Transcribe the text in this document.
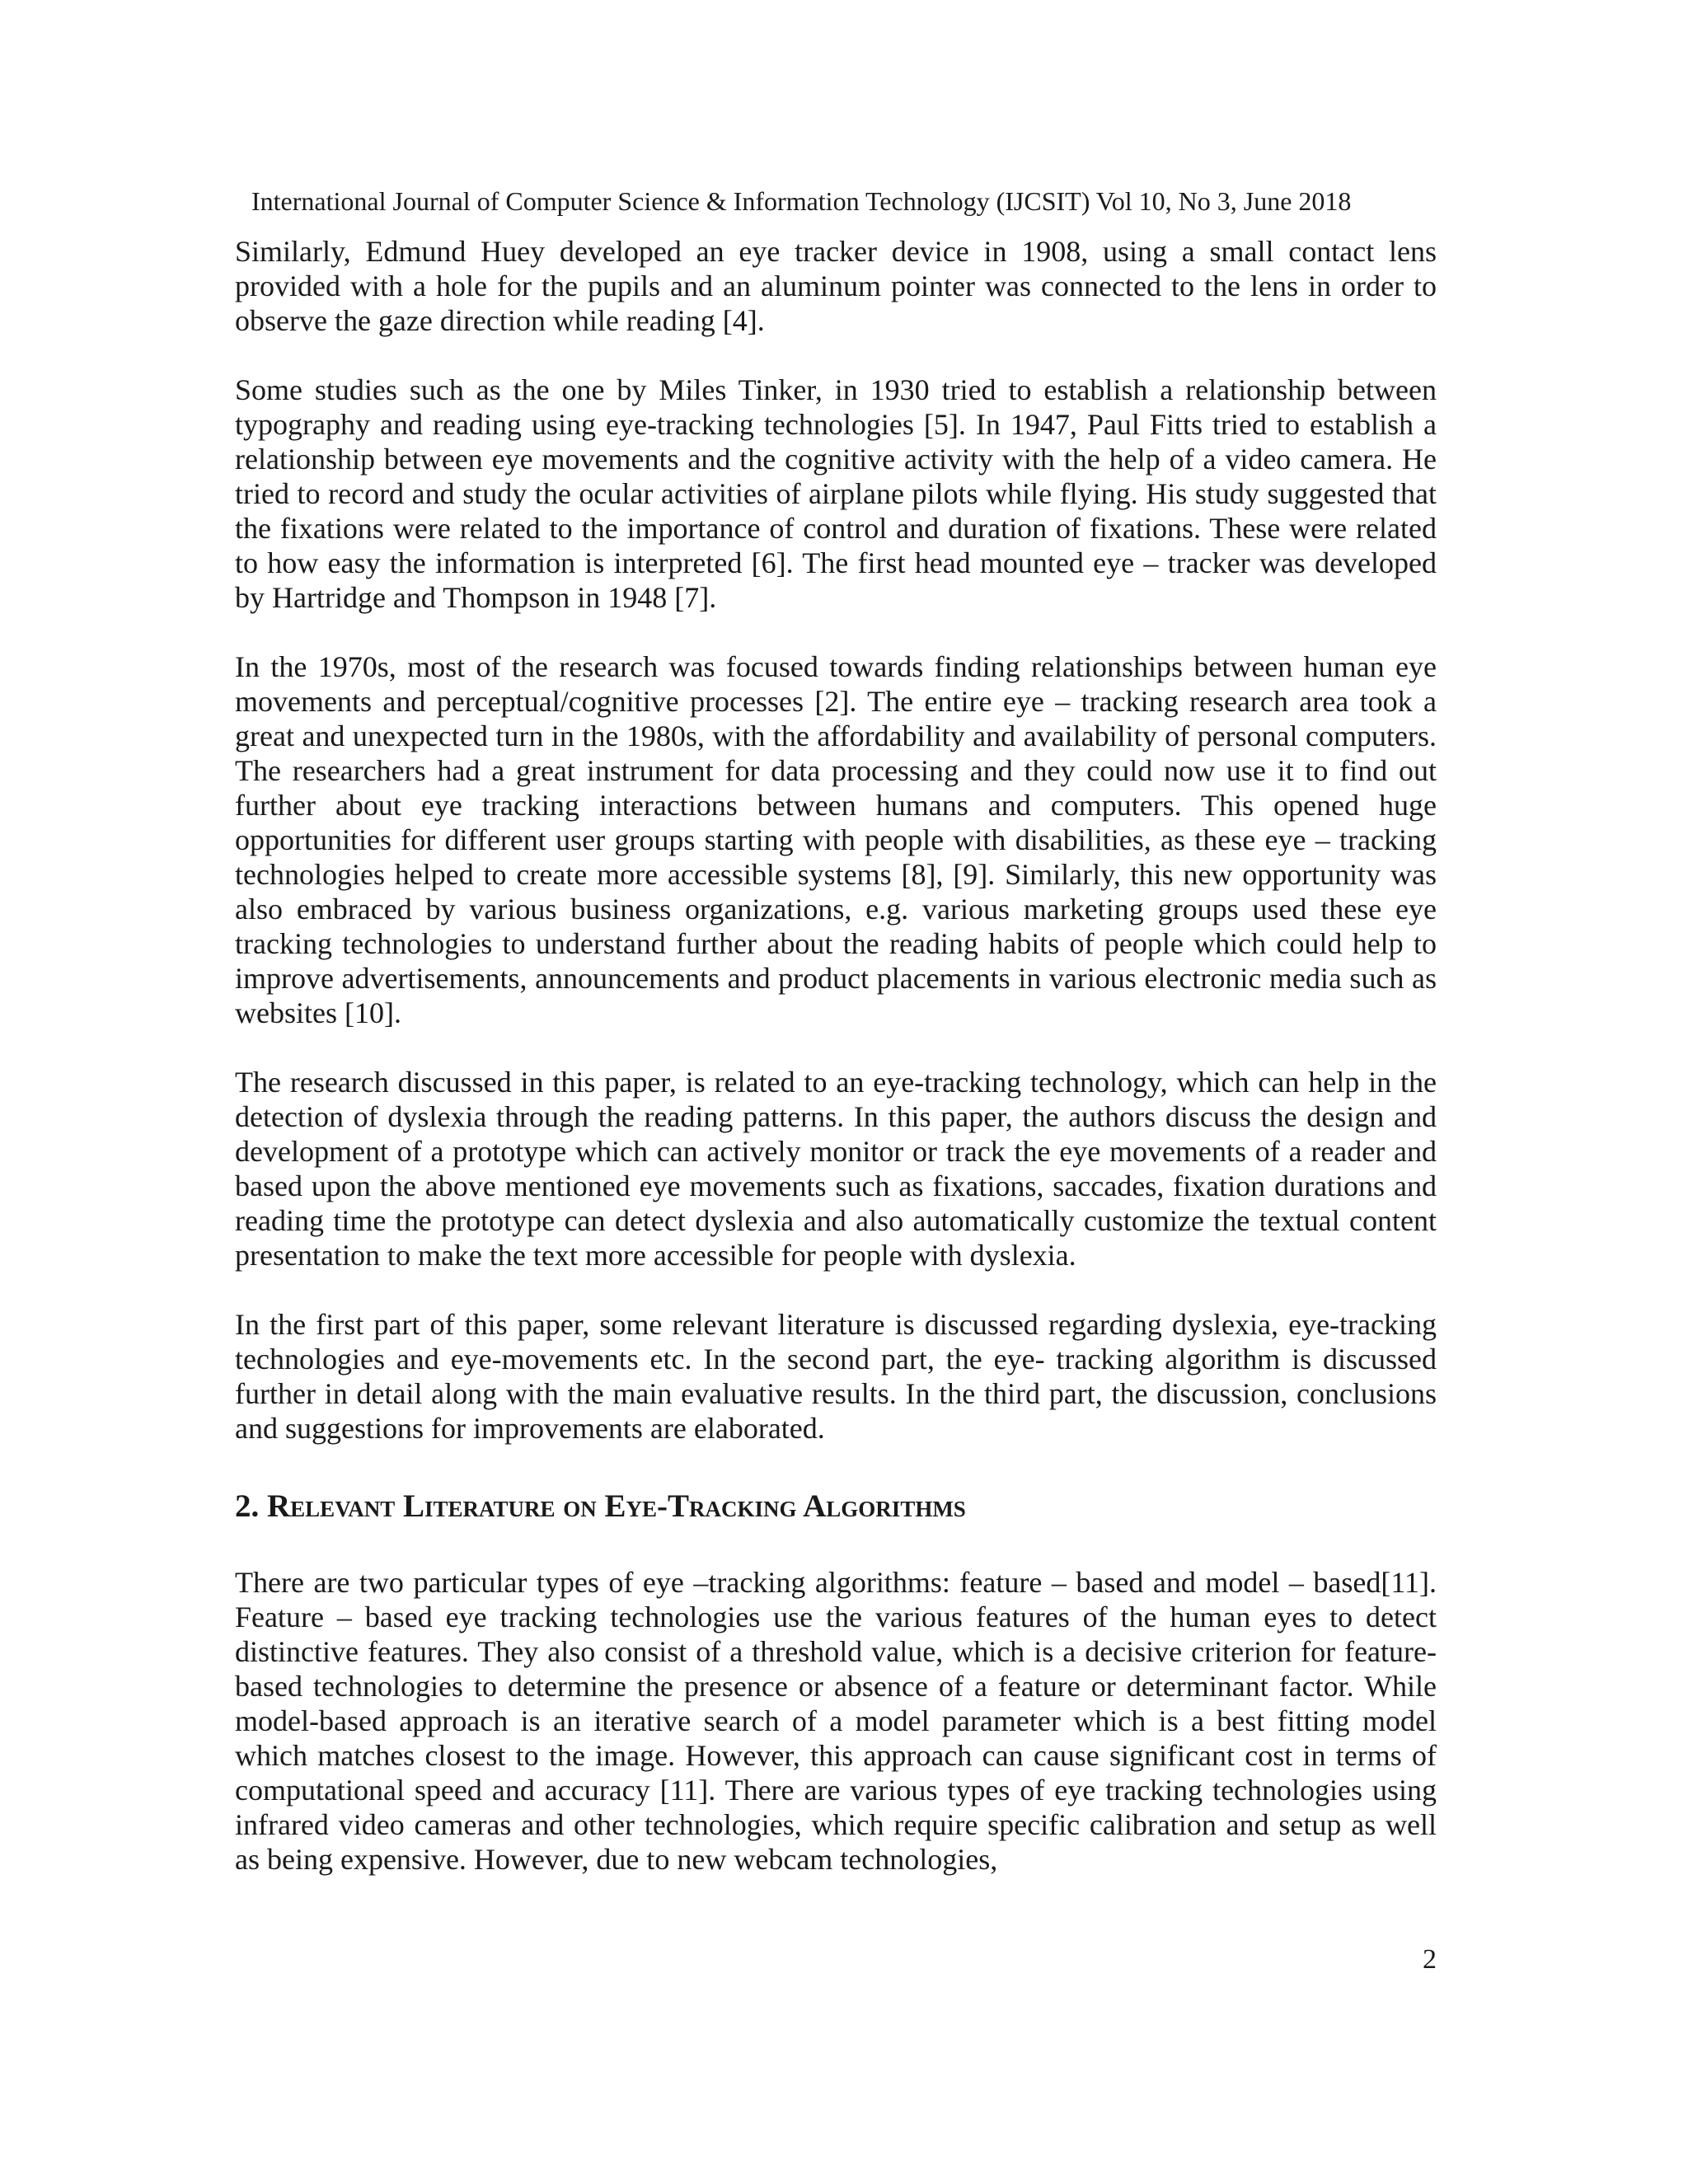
International Journal of Computer Science & Information Technology (IJCSIT) Vol 10, No 3, June 2018

Similarly, Edmund Huey developed an eye tracker device in 1908, using a small contact lens provided with a hole for the pupils and an aluminum pointer was connected to the lens in order to observe the gaze direction while reading [4].

Some studies such as the one by Miles Tinker, in 1930 tried to establish a relationship between typography and reading using eye-tracking technologies [5]. In 1947, Paul Fitts tried to establish a relationship between eye movements and the cognitive activity with the help of a video camera. He tried to record and study the ocular activities of airplane pilots while flying. His study suggested that the fixations were related to the importance of control and duration of fixations. These were related to how easy the information is interpreted [6]. The first head mounted eye – tracker was developed by Hartridge and Thompson in 1948 [7].

In the 1970s, most of the research was focused towards finding relationships between human eye movements and perceptual/cognitive processes [2]. The entire eye – tracking research area took a great and unexpected turn in the 1980s, with the affordability and availability of personal computers. The researchers had a great instrument for data processing and they could now use it to find out further about eye tracking interactions between humans and computers. This opened huge opportunities for different user groups starting with people with disabilities, as these eye – tracking technologies helped to create more accessible systems [8], [9]. Similarly, this new opportunity was also embraced by various business organizations, e.g. various marketing groups used these eye tracking technologies to understand further about the reading habits of people which could help to improve advertisements, announcements and product placements in various electronic media such as websites [10].

The research discussed in this paper, is related to an eye-tracking technology, which can help in the detection of dyslexia through the reading patterns. In this paper, the authors discuss the design and development of a prototype which can actively monitor or track the eye movements of a reader and based upon the above mentioned eye movements such as fixations, saccades, fixation durations and reading time the prototype can detect dyslexia and also automatically customize the textual content presentation to make the text more accessible for people with dyslexia.

In the first part of this paper, some relevant literature is discussed regarding dyslexia, eye-tracking technologies and eye-movements etc. In the second part, the eye- tracking algorithm is discussed further in detail along with the main evaluative results. In the third part, the discussion, conclusions and suggestions for improvements are elaborated.

2. Relevant Literature on Eye-Tracking Algorithms

There are two particular types of eye –tracking algorithms: feature – based and model – based[11]. Feature – based eye tracking technologies use the various features of the human eyes to detect distinctive features. They also consist of a threshold value, which is a decisive criterion for feature-based technologies to determine the presence or absence of a feature or determinant factor. While model-based approach is an iterative search of a model parameter which is a best fitting model which matches closest to the image. However, this approach can cause significant cost in terms of computational speed and accuracy [11]. There are various types of eye tracking technologies using infrared video cameras and other technologies, which require specific calibration and setup as well as being expensive. However, due to new webcam technologies,

2
